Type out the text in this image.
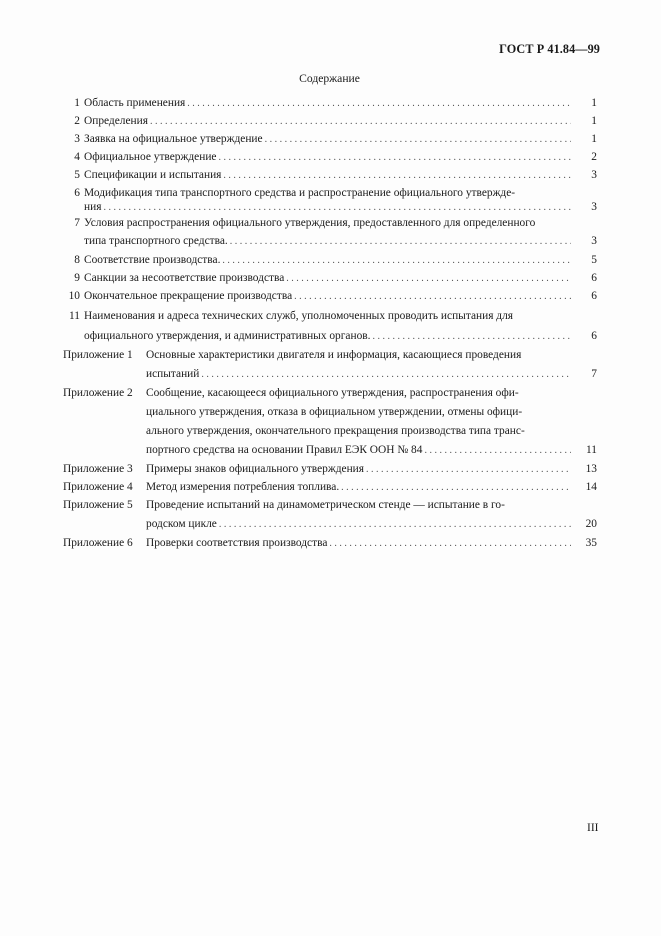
ГОСТ Р 41.84—99
Содержание
1 Область применения . . .	1
2 Определения . . .	1
3 Заявка на официальное утверждение . . .	1
4 Официальное утверждение . . .	2
5 Спецификации и испытания . . .	3
6 Модификация типа транспортного средства и распространение официального утвержде-
ния . . .	3
7 Условия распространения официального утверждения, предоставленного для определенного
типа транспортного средства. . . .	3
8 Соответствие производства. . . .	5
9 Санкции за несоответствие производства . . .	6
10 Окончательное прекращение производства . . .	6
11 Наименования и адреса технических служб, уполномоченных проводить испытания для
официального утверждения, и административных органов. . . .	6
Приложение 1	Основные характеристики двигателя и информация, касающиеся проведения
испытаний . . .	7
Приложение 2	Сообщение, касающееся официального утверждения, распространения офи-
циального утверждения, отказа в официальном утверждении, отмены офици-
ального утверждения, окончательного прекращения производства типа транс-
портного средства на основании Правил ЕЭК ООН № 84 . . .	11
Приложение 3	Примеры знаков официального утверждения . . .	13
Приложение 4	Метод измерения потребления топлива. . . .	14
Приложение 5	Проведение испытаний на динамометрическом стенде — испытание в го-
родском цикле . . .	20
Приложение 6	Проверки соответствия производства . . .	35
III
